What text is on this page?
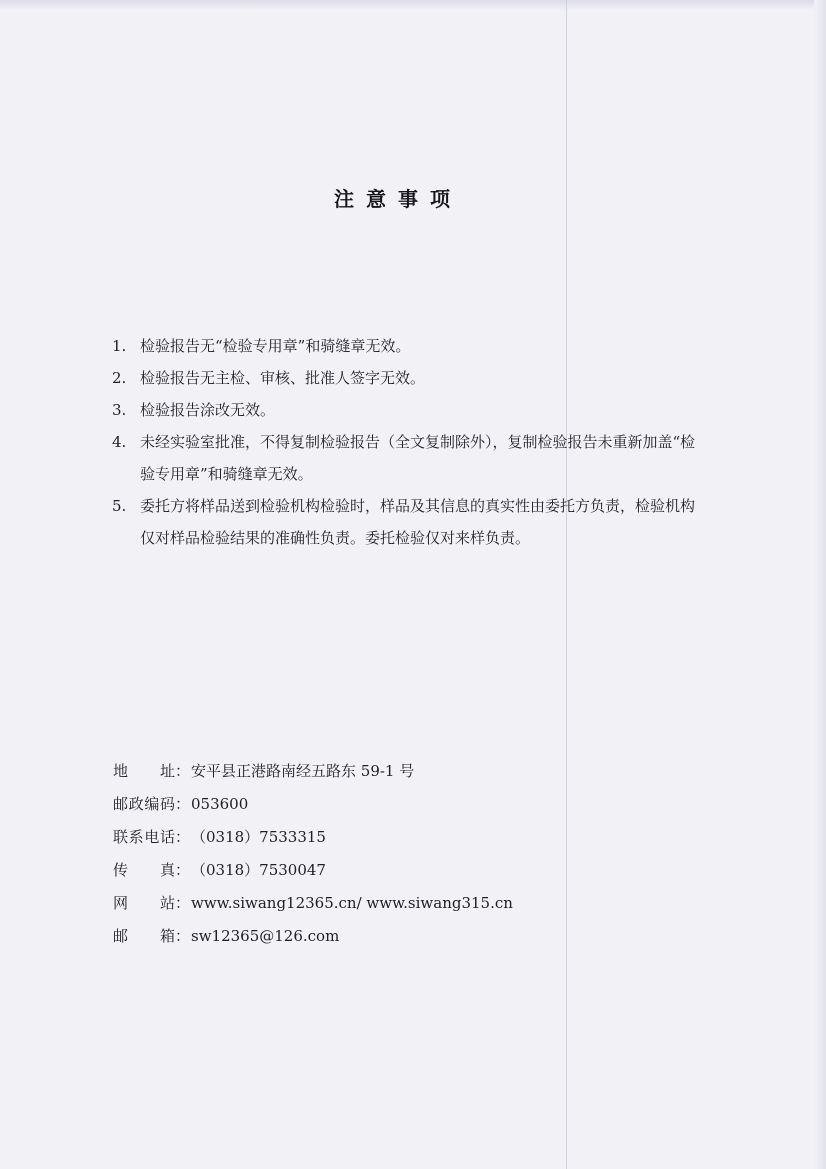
注意事项
1. 检验报告无“检验专用章”和骑缝章无效。
2. 检验报告无主检、审核、批准人签字无效。
3. 检验报告涂改无效。
4. 未经实验室批准，不得复制检验报告（全文复制除外），复制检验报告未重新加盖“检验专用章”和骑缝章无效。
5. 委托方将样品送到检验机构检验时，样品及其信息的真实性由委托方负责，检验机构仅对样品检验结果的准确性负责。委托检验仅对来样负责。
地址：安平县正港路南经五路东 59-1 号
邮政编码：053600
联系电话：（0318）7533315
传真：（0318）7530047
网站：www.siwang12365.cn/ www.siwang315.cn
邮箱：sw12365@126.com
